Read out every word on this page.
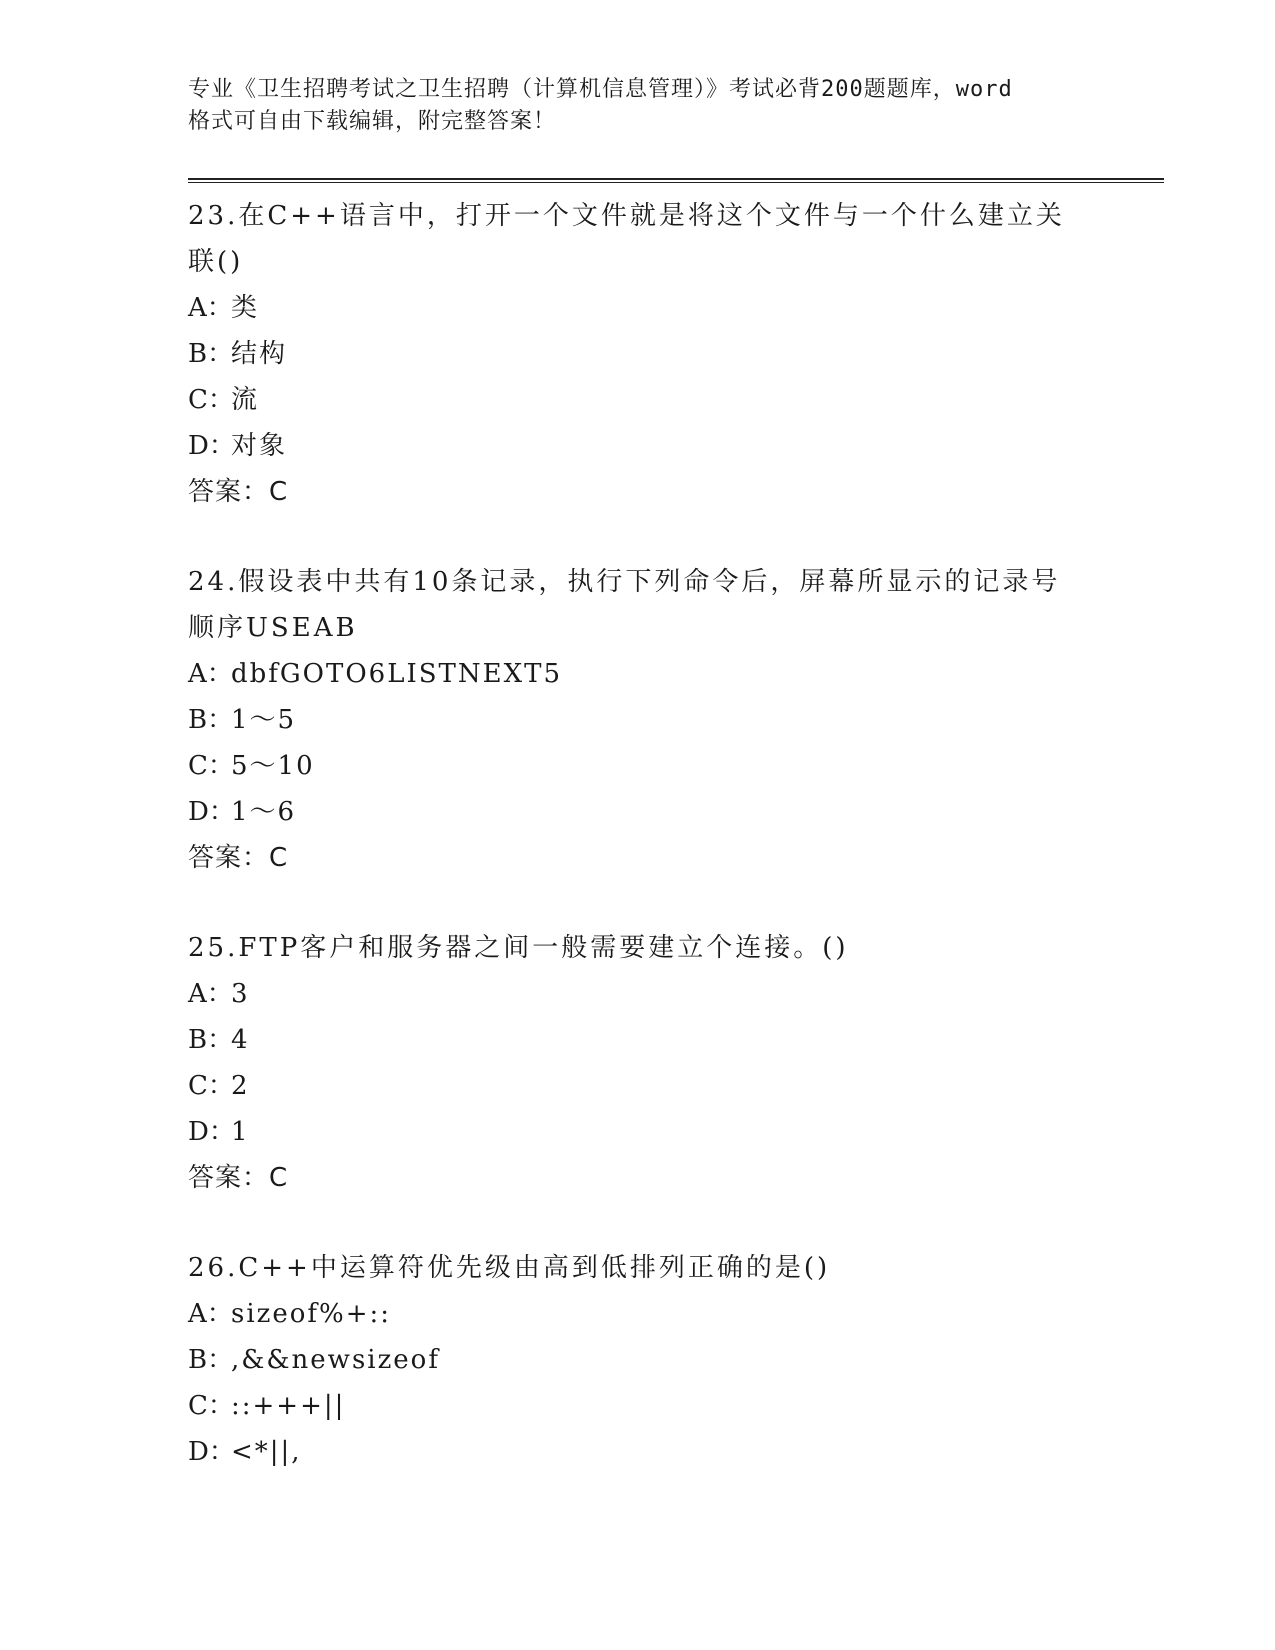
专业《卫生招聘考试之卫生招聘（计算机信息管理）》考试必背200题题库，word
格式可自由下载编辑，附完整答案！

23.在C++语言中，打开一个文件就是将这个文件与一个什么建立关联()

A：
类

B：
结构

C：
流

D：
对象

答案：C

24.假设表中共有10条记录，执行下列命令后，屏幕所显示的记录号顺序USEAB

A：
dbfGOTO6LISTNEXT5

B：
1～5

C：
5～10

D：
1～6

答案：C

25.FTP客户和服务器之间一般需要建立个连接。()

A：
3

B：
4

C：
2

D：
1

答案：C

26.C++中运算符优先级由高到低排列正确的是()

A：
sizeof%+::

B：
,&&newsizeof

C：
::+++||

D：
<*||,
